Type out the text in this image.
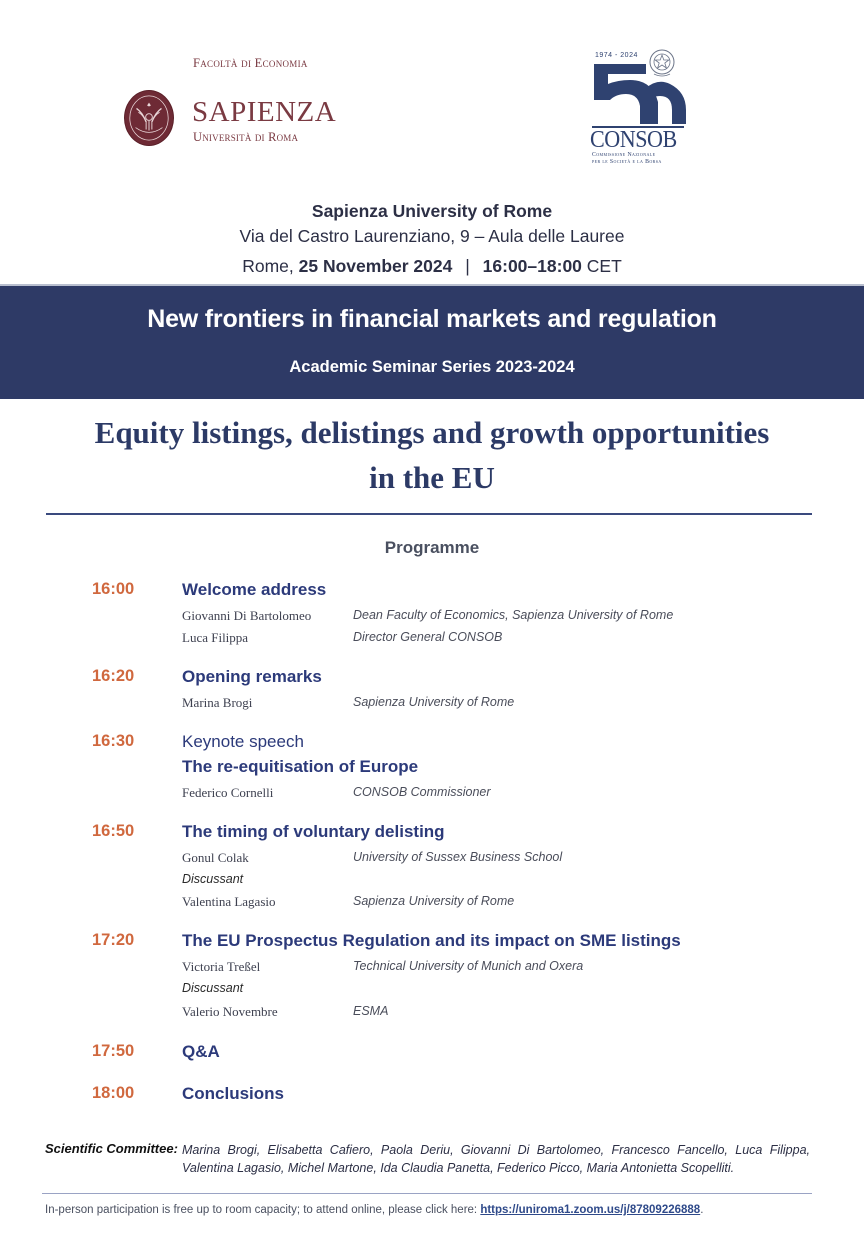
Facoltà di Economia
SAPIENZA
Università di Roma
1974 - 2024
CONSOB
Commissione Nazionale
per le Società e la Borsa
Sapienza University of Rome
Via del Castro Laurenziano, 9 – Aula delle Lauree
Rome, 25 November 2024 | 16:00–18:00 CET
New frontiers in financial markets and regulation
Academic Seminar Series 2023-2024
Equity listings, delistings and growth opportunities
in the EU
Programme
16:00	Welcome address
Giovanni Di Bartolomeo	Dean Faculty of Economics, Sapienza University of Rome
Luca Filippa	Director General CONSOB
16:20	Opening remarks
Marina Brogi	Sapienza University of Rome
16:30	Keynote speech
The re-equitisation of Europe
Federico Cornelli	CONSOB Commissioner
16:50	The timing of voluntary delisting
Gonul Colak	University of Sussex Business School
Discussant
Valentina Lagasio	Sapienza University of Rome
17:20	The EU Prospectus Regulation and its impact on SME listings
Victoria Treßel	Technical University of Munich and Oxera
Discussant
Valerio Novembre	ESMA
17:50	Q&A
18:00	Conclusions
Scientific Committee: Marina Brogi, Elisabetta Cafiero, Paola Deriu, Giovanni Di Bartolomeo, Francesco Fancello, Luca Filippa, Valentina Lagasio, Michel Martone, Ida Claudia Panetta, Federico Picco, Maria Antonietta Scopelliti.
In-person participation is free up to room capacity; to attend online, please click here: https://uniroma1.zoom.us/j/87809226888.
